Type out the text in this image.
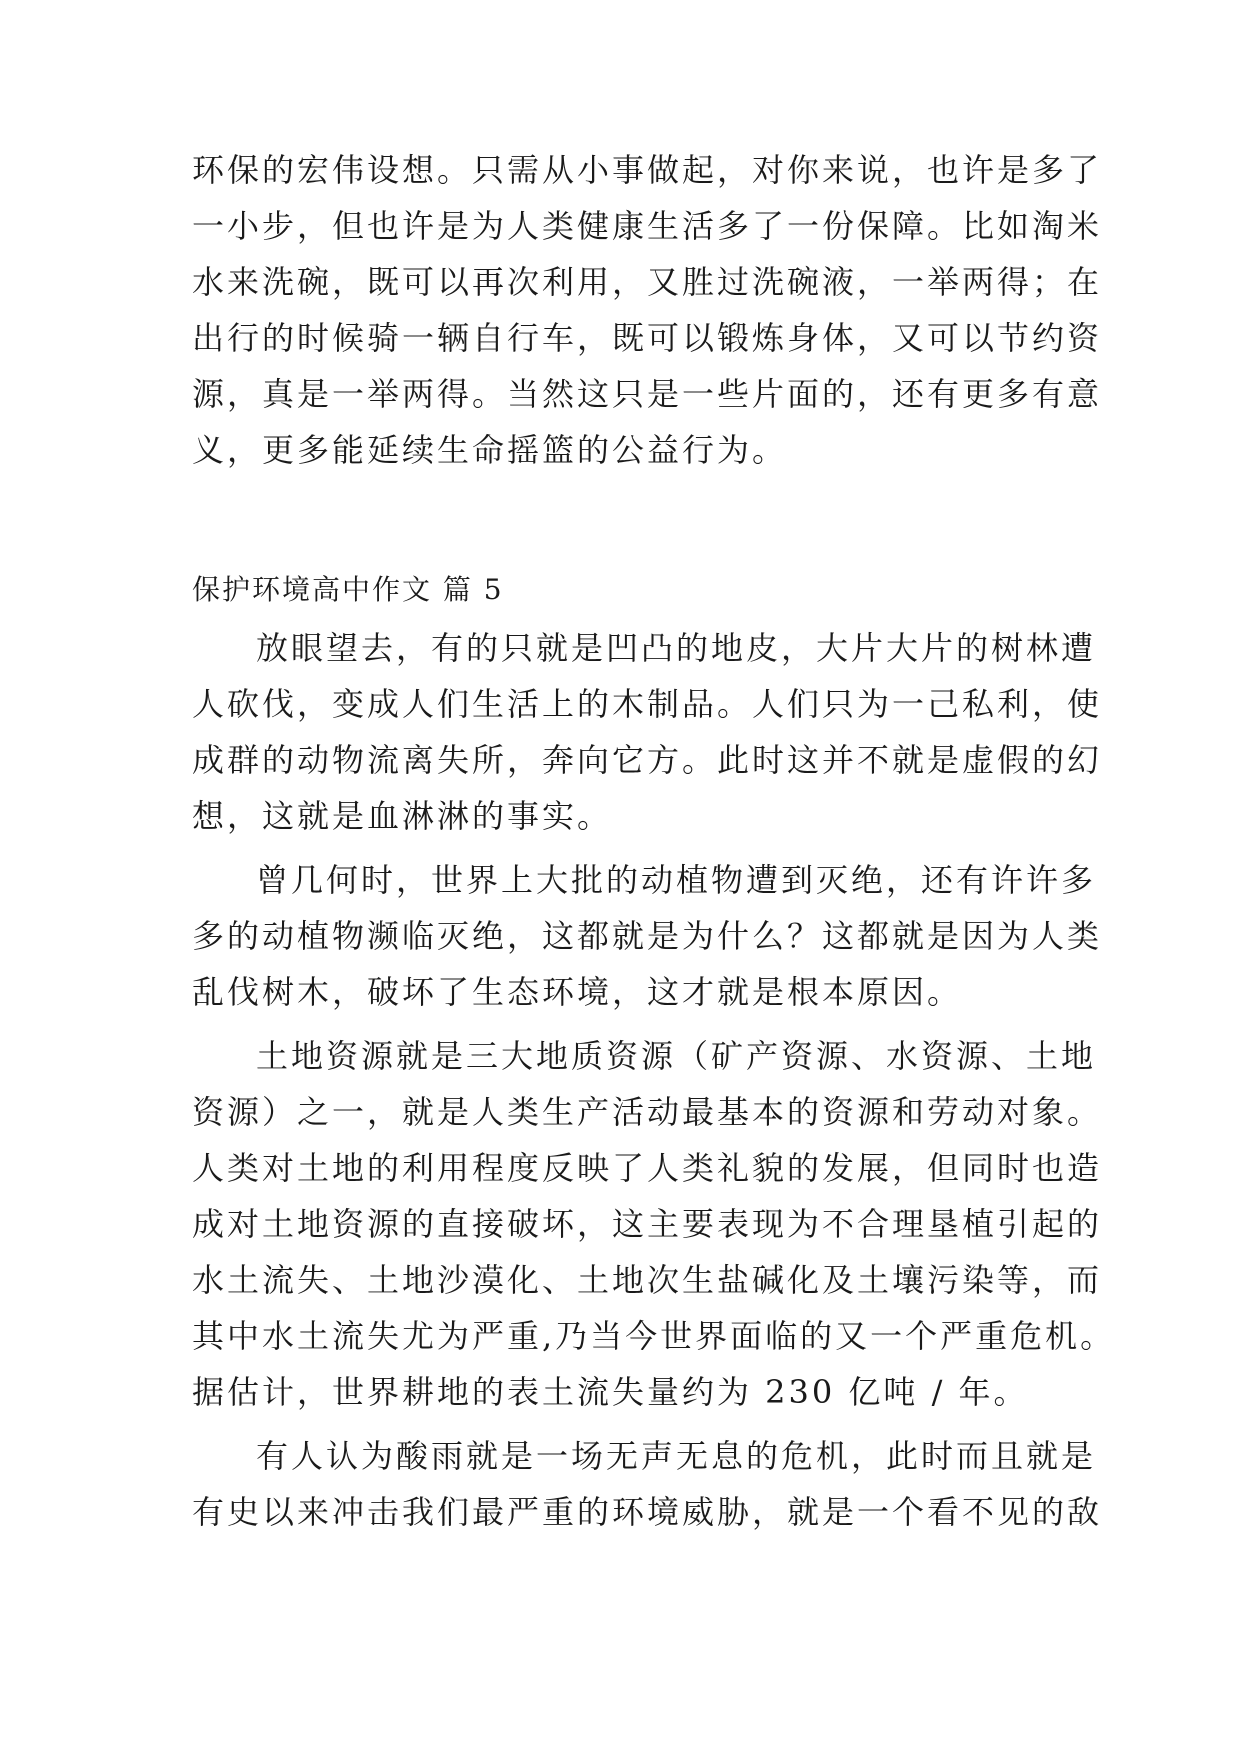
环保的宏伟设想。只需从小事做起，对你来说，也许是多了
一小步，但也许是为人类健康生活多了一份保障。比如淘米
水来洗碗，既可以再次利用，又胜过洗碗液，一举两得；在
出行的时候骑一辆自行车，既可以锻炼身体，又可以节约资
源，真是一举两得。当然这只是一些片面的，还有更多有意
义，更多能延续生命摇篮的公益行为。
保护环境高中作文 篇 5
放眼望去，有的只就是凹凸的地皮，大片大片的树林遭
人砍伐，变成人们生活上的木制品。人们只为一己私利，使
成群的动物流离失所，奔向它方。此时这并不就是虚假的幻
想，这就是血淋淋的事实。
曾几何时，世界上大批的动植物遭到灭绝，还有许许多
多的动植物濒临灭绝，这都就是为什么？这都就是因为人类
乱伐树木，破坏了生态环境，这才就是根本原因。
土地资源就是三大地质资源（矿产资源、水资源、土地
资源）之一，就是人类生产活动最基本的资源和劳动对象。
人类对土地的利用程度反映了人类礼貌的发展，但同时也造
成对土地资源的直接破坏，这主要表现为不合理垦植引起的
水土流失、土地沙漠化、土地次生盐碱化及土壤污染等，而
其中水土流失尤为严重,乃当今世界面临的又一个严重危机。
据估计，世界耕地的表土流失量约为 230 亿吨 / 年。
有人认为酸雨就是一场无声无息的危机，此时而且就是
有史以来冲击我们最严重的环境威胁，就是一个看不见的敌
